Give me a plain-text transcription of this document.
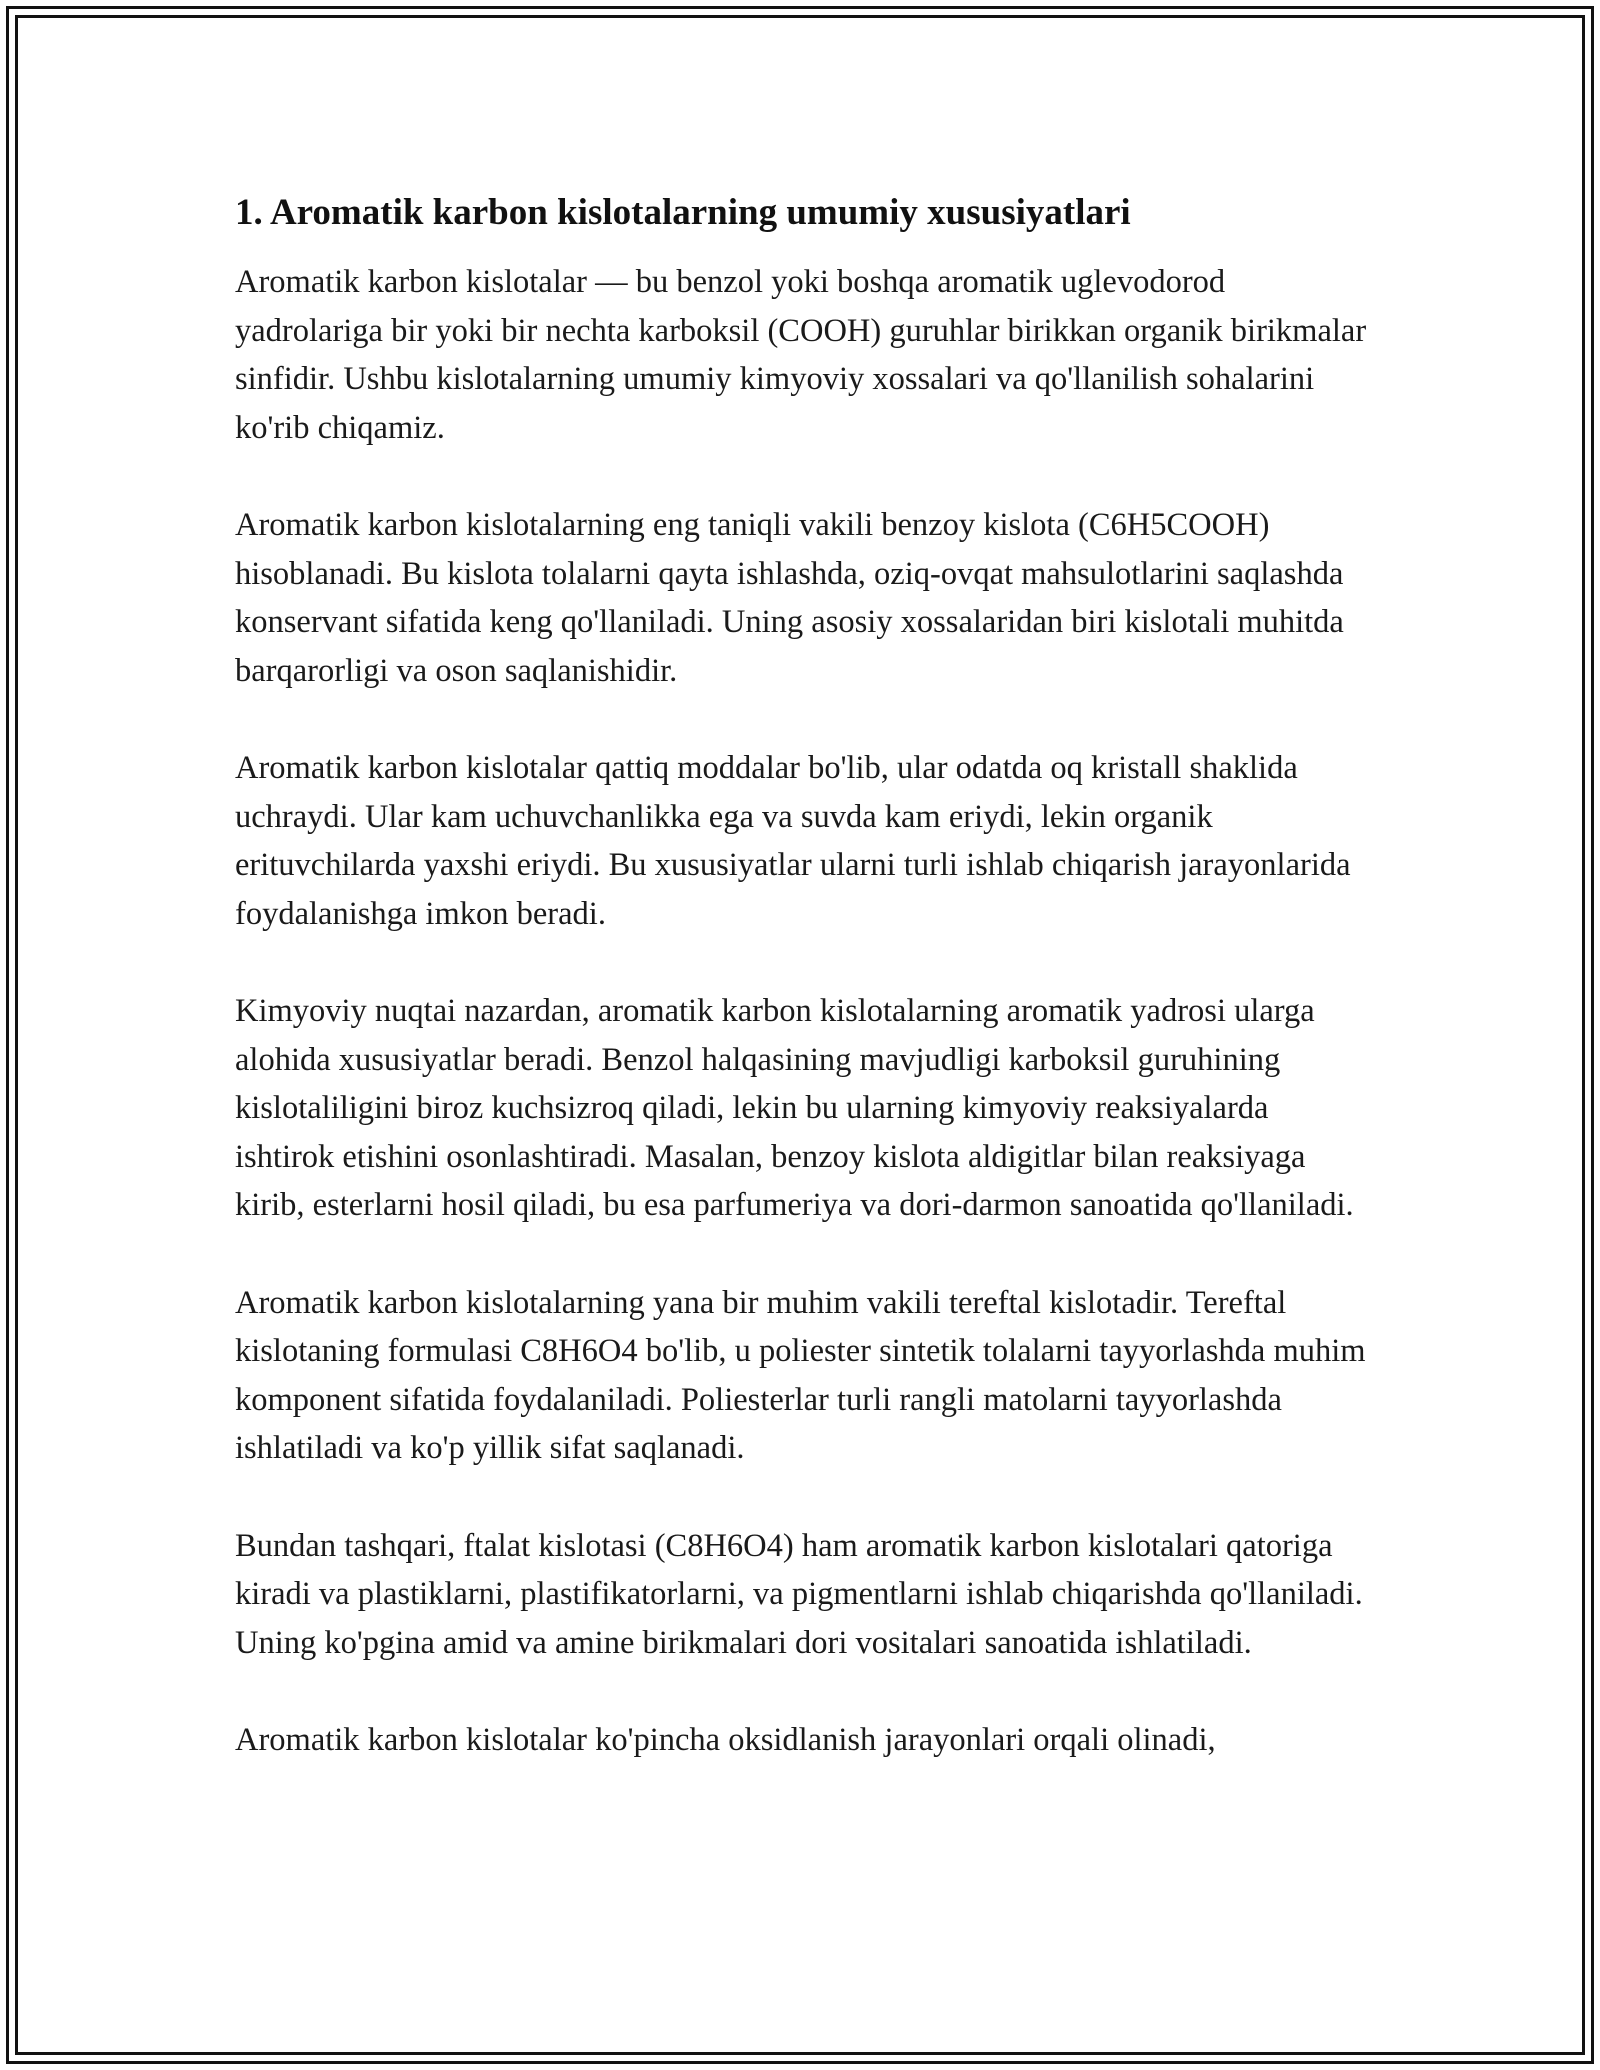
1. Aromatik karbon kislotalarning umumiy xususiyatlari

Aromatik karbon kislotalar — bu benzol yoki boshqa aromatik uglevodorod yadrolariga bir yoki bir nechta karboksil (COOH) guruhlar birikkan organik birikmalar sinfidir. Ushbu kislotalarning umumiy kimyoviy xossalari va qo'llanilish sohalarini ko'rib chiqamiz.

Aromatik karbon kislotalarning eng taniqli vakili benzoy kislota (C6H5COOH) hisoblanadi. Bu kislota tolalarni qayta ishlashda, oziq-ovqat mahsulotlarini saqlashda konservant sifatida keng qo'llaniladi. Uning asosiy xossalaridan biri kislotali muhitda barqarorligi va oson saqlanishidir.

Aromatik karbon kislotalar qattiq moddalar bo'lib, ular odatda oq kristall shaklida uchraydi. Ular kam uchuvchanlikka ega va suvda kam eriydi, lekin organik erituvchilarda yaxshi eriydi. Bu xususiyatlar ularni turli ishlab chiqarish jarayonlarida foydalanishga imkon beradi.

Kimyoviy nuqtai nazardan, aromatik karbon kislotalarning aromatik yadrosi ularga alohida xususiyatlar beradi. Benzol halqasining mavjudligi karboksil guruhining kislotaliligini biroz kuchsizroq qiladi, lekin bu ularning kimyoviy reaksiyalarda ishtirok etishini osonlashtiradi. Masalan, benzoy kislota aldigitlar bilan reaksiyaga kirib, esterlarni hosil qiladi, bu esa parfumeriya va dori-darmon sanoatida qo'llaniladi.

Aromatik karbon kislotalarning yana bir muhim vakili tereftal kislotadir. Tereftal kislotaning formulasi C8H6O4 bo'lib, u poliester sintetik tolalarni tayyorlashda muhim komponent sifatida foydalaniladi. Poliesterlar turli rangli matolarni tayyorlashda ishlatiladi va ko'p yillik sifat saqlanadi.

Bundan tashqari, ftalat kislotasi (C8H6O4) ham aromatik karbon kislotalari qatoriga kiradi va plastiklarni, plastifikatorlarni, va pigmentlarni ishlab chiqarishda qo'llaniladi. Uning ko'pgina amid va amine birikmalari dori vositalari sanoatida ishlatiladi.

Aromatik karbon kislotalar ko'pincha oksidlanish jarayonlari orqali olinadi,
